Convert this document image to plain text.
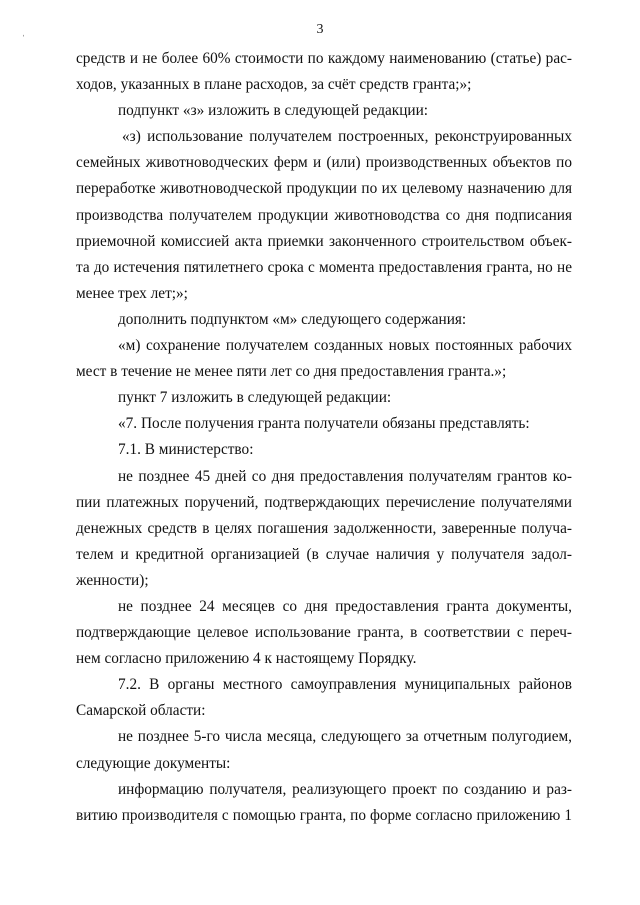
3
ˈ
средств и не более 60% стоимости по каждому наименованию (статье) рас-
ходов, указанных в плане расходов, за счёт средств гранта;»;
подпункт «з» изложить в следующей редакции:
«з) использование получателем построенных, реконструированных
семейных животноводческих ферм и (или) производственных объектов по
переработке животноводческой продукции по их целевому назначению для
производства получателем продукции животноводства со дня подписания
приемочной комиссией акта приемки законченного строительством объек-
та до истечения пятилетнего срока с момента предоставления гранта, но не
менее трех лет;»;
дополнить подпунктом «м» следующего содержания:
«м) сохранение получателем созданных новых постоянных рабочих
мест в течение не менее пяти лет со дня предоставления гранта.»;
пункт 7 изложить в следующей редакции:
«7. После получения гранта получатели обязаны представлять:
7.1. В министерство:
не позднее 45 дней со дня предоставления получателям грантов ко-
пии платежных поручений, подтверждающих перечисление получателями
денежных средств в целях погашения задолженности, заверенные получа-
телем и кредитной организацией (в случае наличия у получателя задол-
женности);
не позднее 24 месяцев со дня предоставления гранта документы,
подтверждающие целевое использование гранта, в соответствии с переч-
нем согласно приложению 4 к настоящему Порядку.
7.2. В органы местного самоуправления муниципальных районов
Самарской области:
не позднее 5-го числа месяца, следующего за отчетным полугодием,
следующие документы:
информацию получателя, реализующего проект по созданию и раз-
витию производителя с помощью гранта, по форме согласно приложению 1
